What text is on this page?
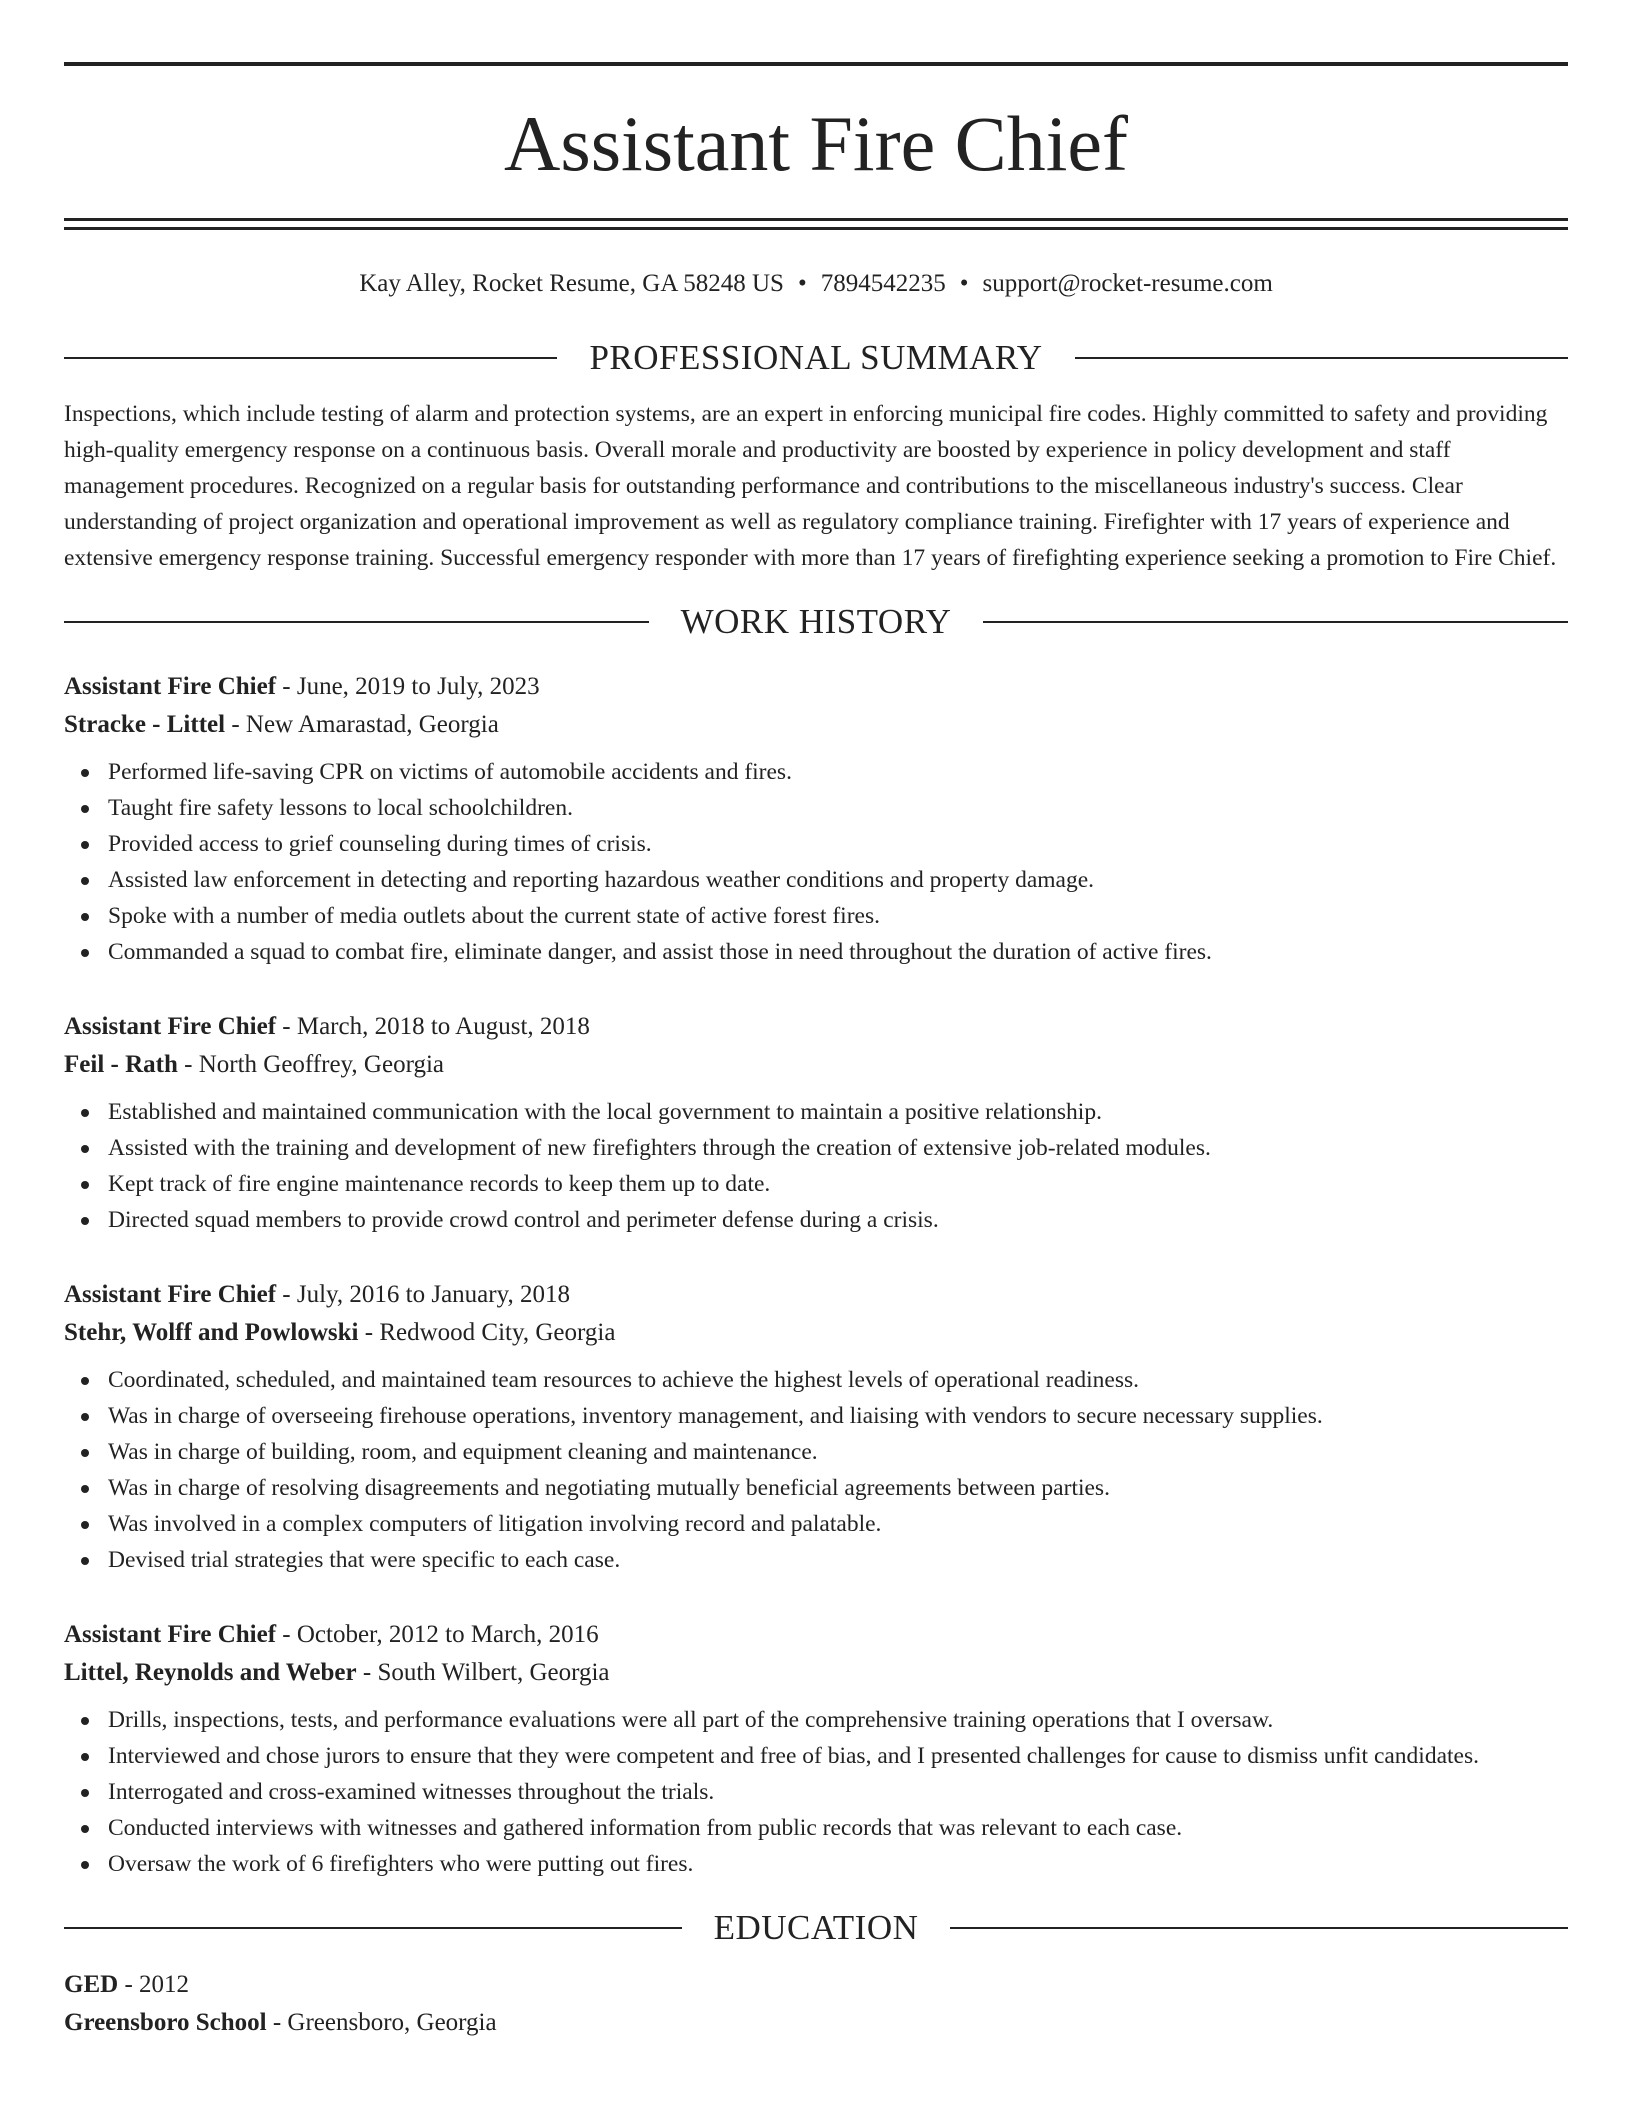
Assistant Fire Chief
Kay Alley, Rocket Resume, GA 58248 US • 7894542235 • support@rocket-resume.com
PROFESSIONAL SUMMARY
Inspections, which include testing of alarm and protection systems, are an expert in enforcing municipal fire codes. Highly committed to safety and providing high-quality emergency response on a continuous basis. Overall morale and productivity are boosted by experience in policy development and staff management procedures. Recognized on a regular basis for outstanding performance and contributions to the miscellaneous industry's success. Clear understanding of project organization and operational improvement as well as regulatory compliance training. Firefighter with 17 years of experience and extensive emergency response training. Successful emergency responder with more than 17 years of firefighting experience seeking a promotion to Fire Chief.
WORK HISTORY
Assistant Fire Chief - June, 2019 to July, 2023
Stracke - Littel - New Amarastad, Georgia
Performed life-saving CPR on victims of automobile accidents and fires.
Taught fire safety lessons to local schoolchildren.
Provided access to grief counseling during times of crisis.
Assisted law enforcement in detecting and reporting hazardous weather conditions and property damage.
Spoke with a number of media outlets about the current state of active forest fires.
Commanded a squad to combat fire, eliminate danger, and assist those in need throughout the duration of active fires.
Assistant Fire Chief - March, 2018 to August, 2018
Feil - Rath - North Geoffrey, Georgia
Established and maintained communication with the local government to maintain a positive relationship.
Assisted with the training and development of new firefighters through the creation of extensive job-related modules.
Kept track of fire engine maintenance records to keep them up to date.
Directed squad members to provide crowd control and perimeter defense during a crisis.
Assistant Fire Chief - July, 2016 to January, 2018
Stehr, Wolff and Powlowski - Redwood City, Georgia
Coordinated, scheduled, and maintained team resources to achieve the highest levels of operational readiness.
Was in charge of overseeing firehouse operations, inventory management, and liaising with vendors to secure necessary supplies.
Was in charge of building, room, and equipment cleaning and maintenance.
Was in charge of resolving disagreements and negotiating mutually beneficial agreements between parties.
Was involved in a complex computers of litigation involving record and palatable.
Devised trial strategies that were specific to each case.
Assistant Fire Chief - October, 2012 to March, 2016
Littel, Reynolds and Weber - South Wilbert, Georgia
Drills, inspections, tests, and performance evaluations were all part of the comprehensive training operations that I oversaw.
Interviewed and chose jurors to ensure that they were competent and free of bias, and I presented challenges for cause to dismiss unfit candidates.
Interrogated and cross-examined witnesses throughout the trials.
Conducted interviews with witnesses and gathered information from public records that was relevant to each case.
Oversaw the work of 6 firefighters who were putting out fires.
EDUCATION
GED - 2012
Greensboro School - Greensboro, Georgia
